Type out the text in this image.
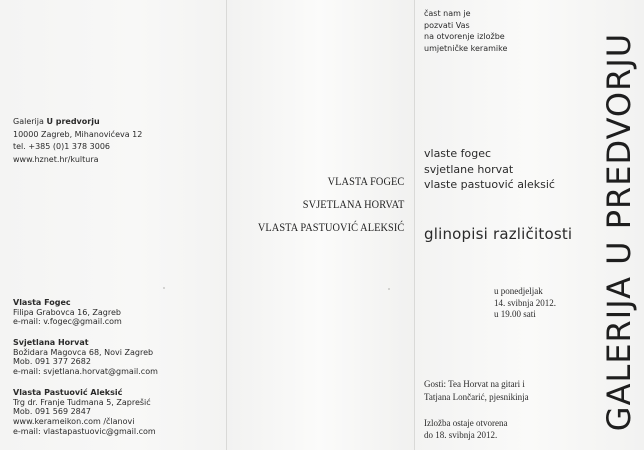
Galerija U predvorju
10000 Zagreb, Mihanovićeva 12
tel. +385 (0)1 378 3006
www.hznet.hr/kultura
Vlasta Fogec
Filipa Grabovca 16, Zagreb
e-mail: v.fogec@gmail.com
Svjetlana Horvat
Božidara Magovca 68, Novi Zagreb
Mob. 091 377 2682
e-mail: svjetlana.horvat@gmail.com
Vlasta Pastuović Aleksić
Trg dr. Franje Tudmana 5, Zaprešić
Mob. 091 569 2847
www.kerameikon.com /članovi
e-mail: vlastapastuovic@gmail.com
VLASTA FOGEC
SVJETLANA HORVAT
VLASTA PASTUOVIĆ ALEKSIĆ
čast nam je
pozvati Vas
na otvorenje izložbe
umjetničke keramike
vlaste fogec
svjetlane horvat
vlaste pastuović aleksić
glinopisi različitosti
u ponedjeljak
14. svibnja 2012.
u 19.00 sati
Gosti: Tea Horvat na gitari i
Tatjana Lončarić, pjesnikinja
Izložba ostaje otvorena
do 18. svibnja 2012.
GALERIJA U PREDVORJU
